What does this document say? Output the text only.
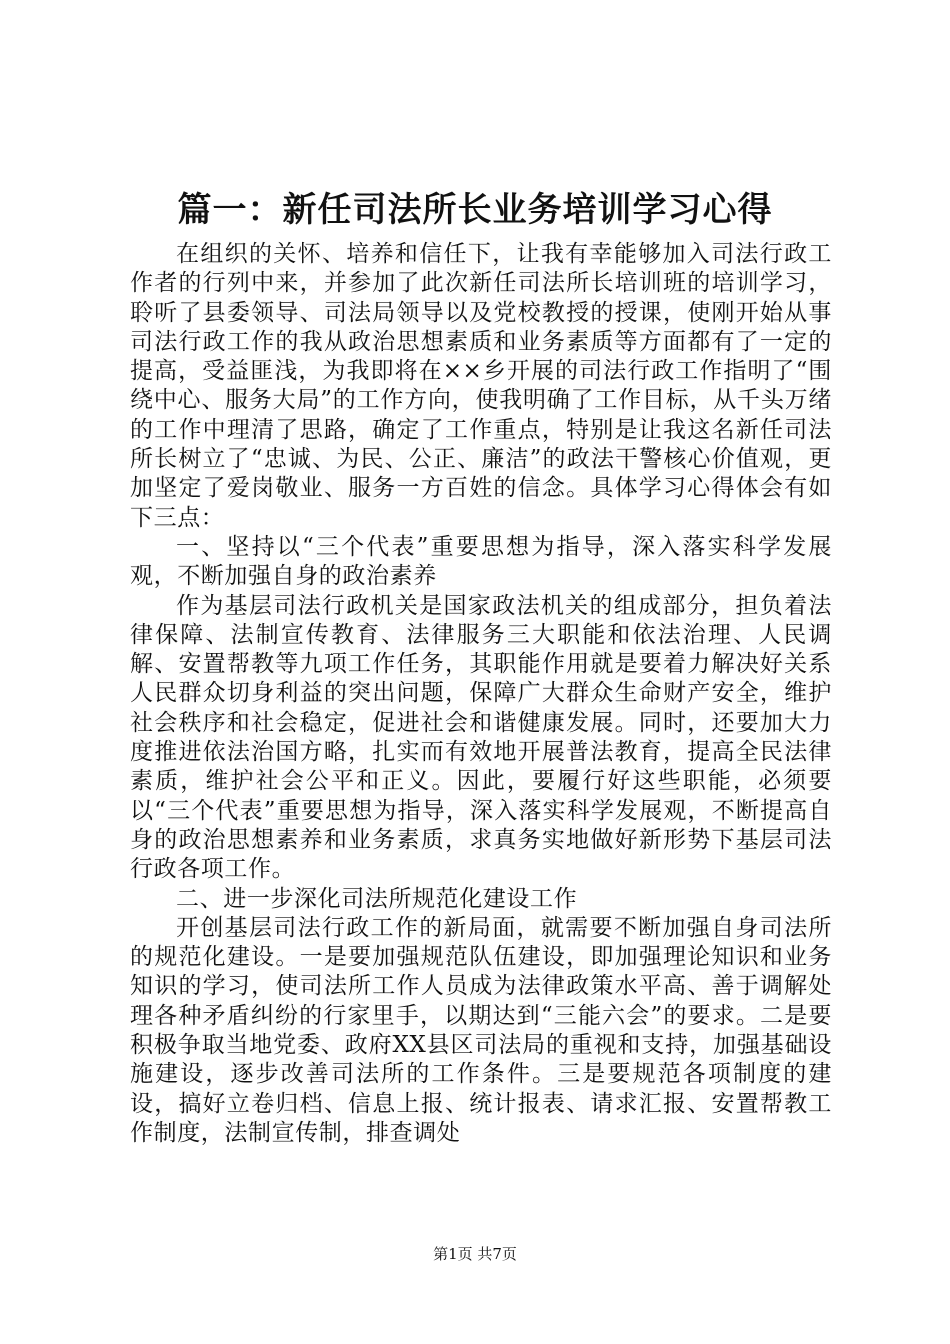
篇一：新任司法所长业务培训学习心得

在组织的关怀、培养和信任下，让我有幸能够加入司法行政工作者的行列中来，并参加了此次新任司法所长培训班的培训学习，聆听了县委领导、司法局领导以及党校教授的授课，使刚开始从事司法行政工作的我从政治思想素质和业务素质等方面都有了一定的提高，受益匪浅，为我即将在××乡开展的司法行政工作指明了“围绕中心、服务大局”的工作方向，使我明确了工作目标，从千头万绪的工作中理清了思路，确定了工作重点，特别是让我这名新任司法所长树立了“忠诚、为民、公正、廉洁”的政法干警核心价值观，更加坚定了爱岗敬业、服务一方百姓的信念。具体学习心得体会有如下三点：

一、坚持以“三个代表”重要思想为指导，深入落实科学发展观，不断加强自身的政治素养

作为基层司法行政机关是国家政法机关的组成部分，担负着法律保障、法制宣传教育、法律服务三大职能和依法治理、人民调解、安置帮教等九项工作任务，其职能作用就是要着力解决好关系人民群众切身利益的突出问题，保障广大群众生命财产安全，维护社会秩序和社会稳定，促进社会和谐健康发展。同时，还要加大力度推进依法治国方略，扎实而有效地开展普法教育，提高全民法律素质，维护社会公平和正义。因此，要履行好这些职能，必须要以“三个代表”重要思想为指导，深入落实科学发展观，不断提高自身的政治思想素养和业务素质，求真务实地做好新形势下基层司法行政各项工作。

二、进一步深化司法所规范化建设工作

开创基层司法行政工作的新局面，就需要不断加强自身司法所的规范化建设。一是要加强规范队伍建设，即加强理论知识和业务知识的学习，使司法所工作人员成为法律政策水平高、善于调解处理各种矛盾纠纷的行家里手，以期达到“三能六会”的要求。二是要积极争取当地党委、政府XX县区司法局的重视和支持，加强基础设施建设，逐步改善司法所的工作条件。三是要规范各项制度的建设，搞好立卷归档、信息上报、统计报表、请求汇报、安置帮教工作制度，法制宣传制，排查调处

第1页 共7页
